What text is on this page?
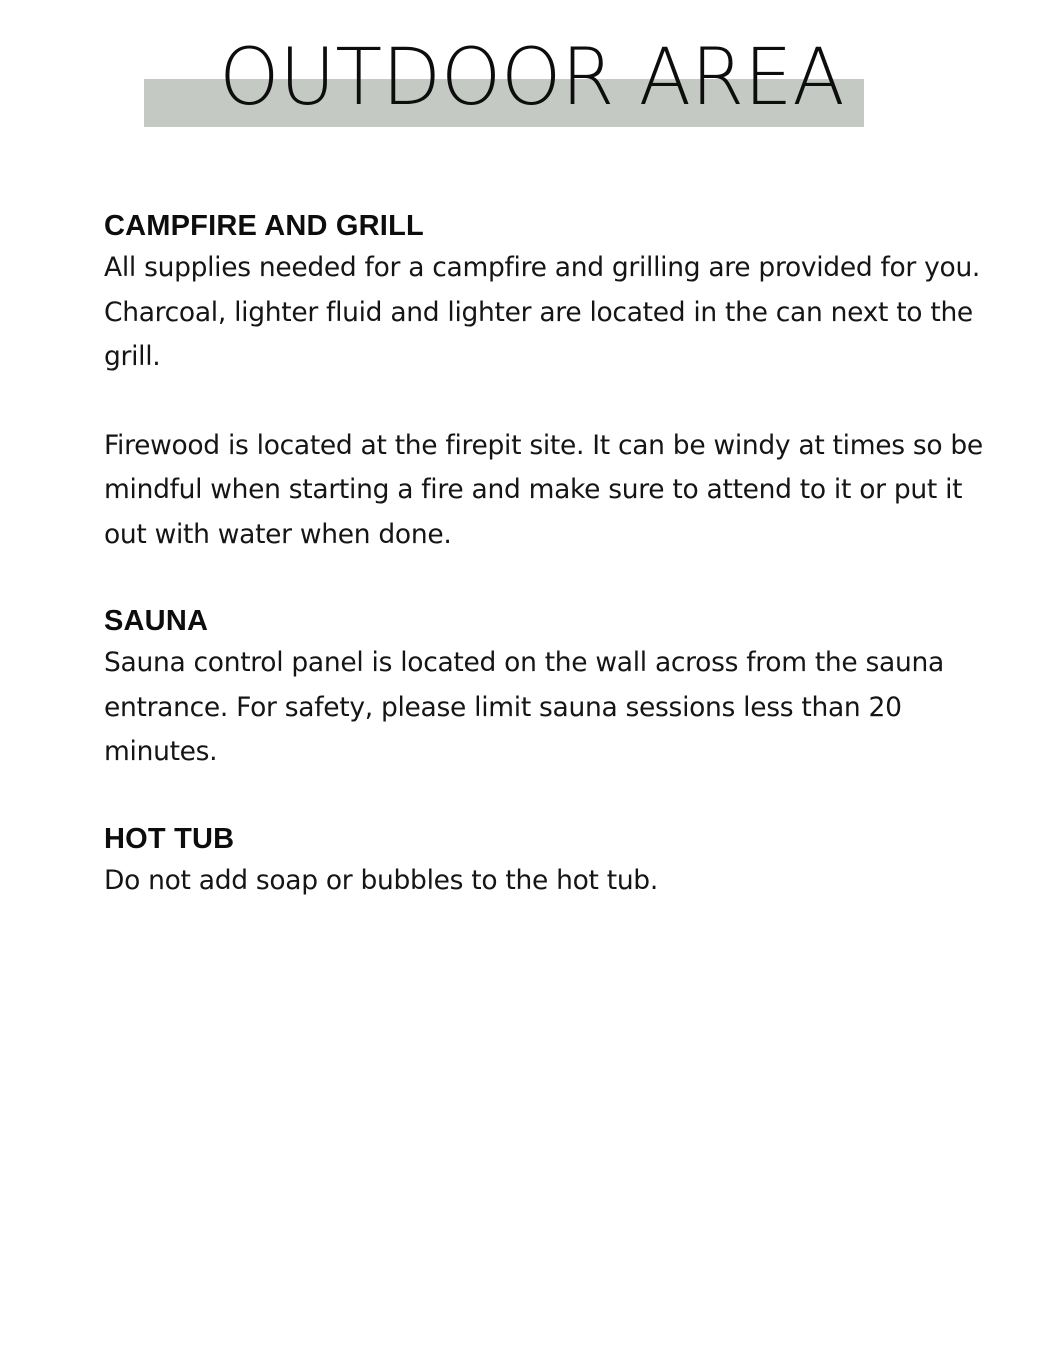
OUTDOOR AREA
CAMPFIRE AND GRILL

All supplies needed for a campfire and grilling are provided for you. Charcoal, lighter fluid and lighter are located in the can next to the grill.

Firewood is located at the firepit site. It can be windy at times so be mindful when starting a fire and make sure to attend to it or put it out with water when done.

SAUNA

Sauna control panel is located on the wall across from the sauna entrance. For safety, please limit sauna sessions less than 20 minutes.

HOT TUB

Do not add soap or bubbles to the hot tub.
